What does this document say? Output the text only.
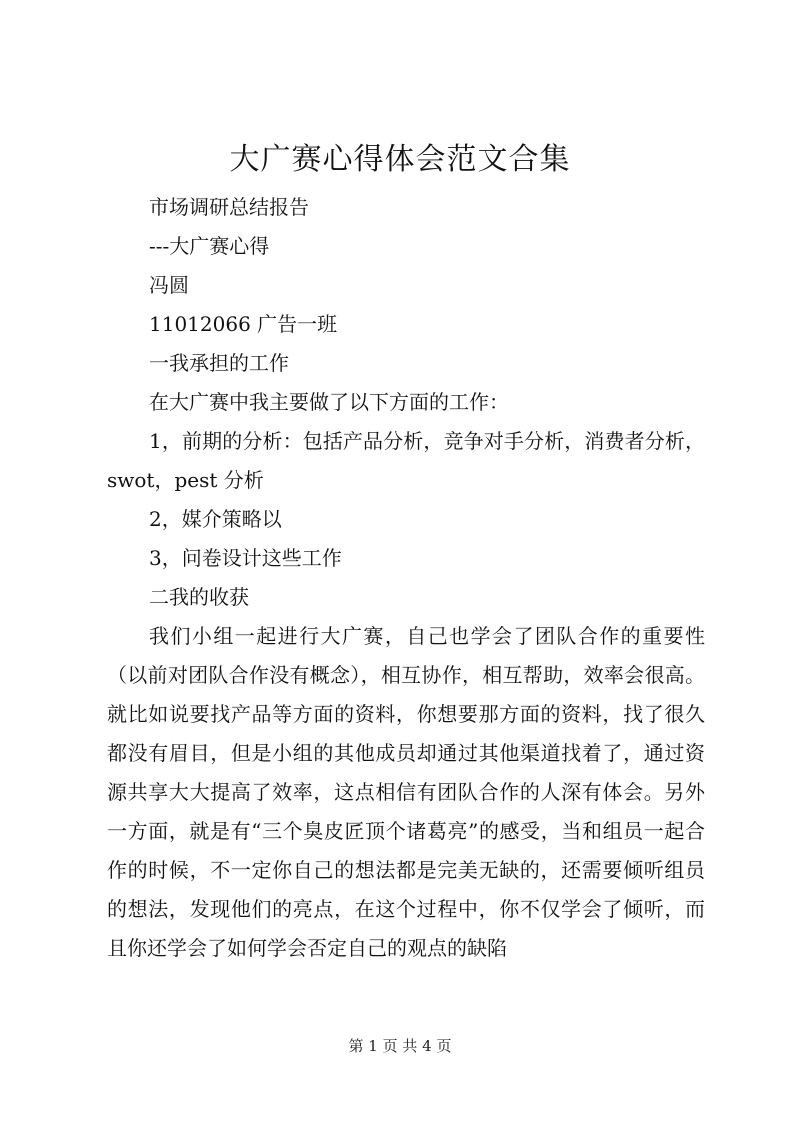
大广赛心得体会范文合集

市场调研总结报告

---大广赛心得

冯圆

11012066 广告一班

一我承担的工作

在大广赛中我主要做了以下方面的工作：

1，前期的分析：包括产品分析，竞争对手分析，消费者分析，swot，pest 分析

2，媒介策略以

3，问卷设计这些工作

二我的收获

我们小组一起进行大广赛，自己也学会了团队合作的重要性（以前对团队合作没有概念），相互协作，相互帮助，效率会很高。就比如说要找产品等方面的资料，你想要那方面的资料，找了很久都没有眉目，但是小组的其他成员却通过其他渠道找着了，通过资源共享大大提高了效率，这点相信有团队合作的人深有体会。另外一方面，就是有“三个臭皮匠顶个诸葛亮”的感受，当和组员一起合作的时候，不一定你自己的想法都是完美无缺的，还需要倾听组员的想法，发现他们的亮点，在这个过程中，你不仅学会了倾听，而且你还学会了如何学会否定自己的观点的缺陷

第 1 页 共 4 页
